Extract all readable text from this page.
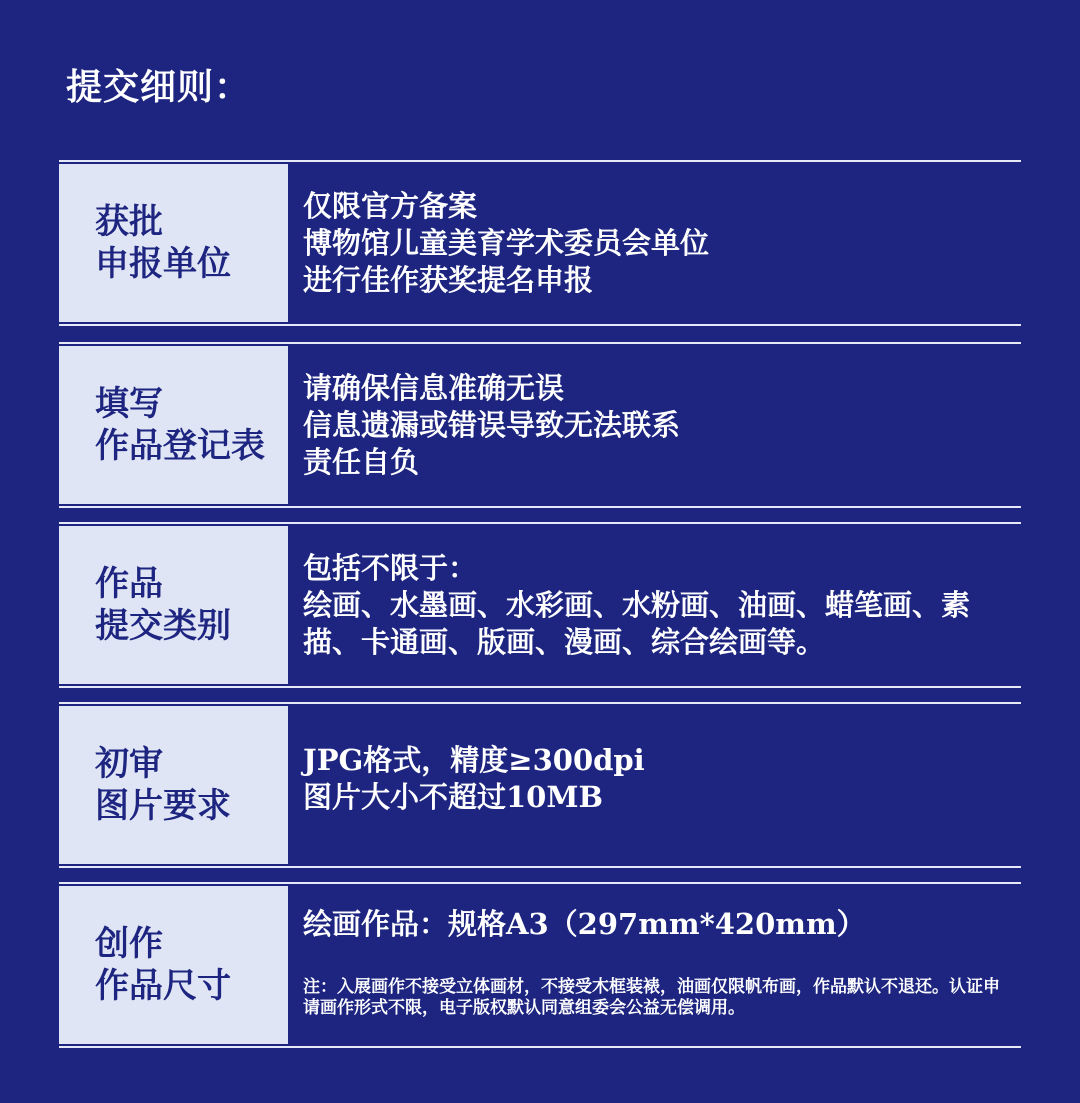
提交细则：
获批
申报单位
仅限官方备案
博物馆儿童美育学术委员会单位
进行佳作获奖提名申报
填写
作品登记表
请确保信息准确无误
信息遗漏或错误导致无法联系
责任自负
作品
提交类别
包括不限于：
绘画、水墨画、水彩画、水粉画、油画、蜡笔画、素描、卡通画、版画、漫画、综合绘画等。
初审
图片要求
JPG格式，精度≥300dpi
图片大小不超过10MB
创作
作品尺寸
绘画作品：规格A3（297mm*420mm）
注：入展画作不接受立体画材，不接受木框装裱，油画仅限帆布画，作品默认不退还。认证申请画作形式不限，电子版权默认同意组委会公益无偿调用。
